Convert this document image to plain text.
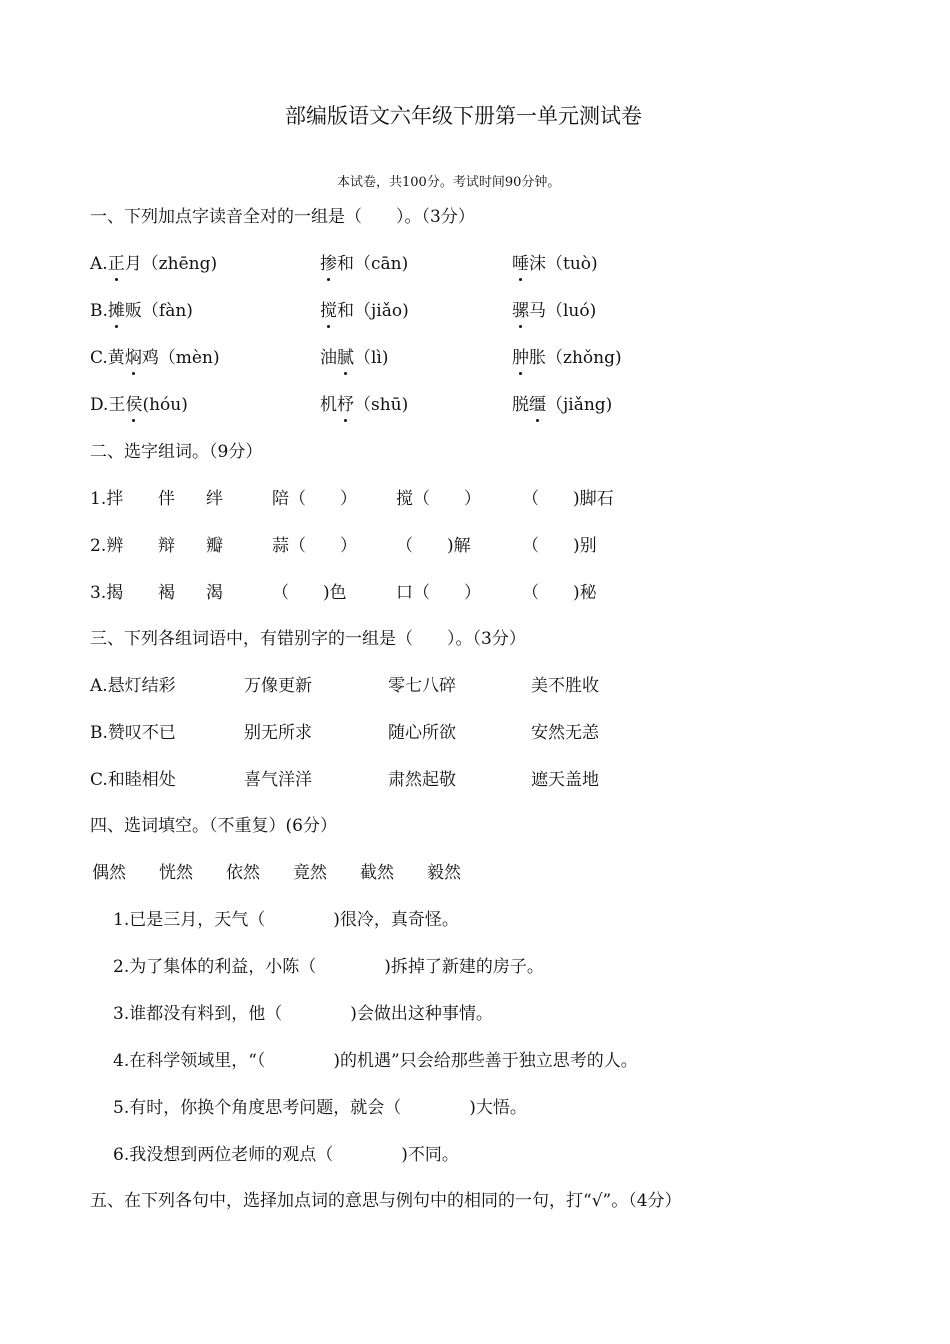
部编版语文六年级下册第一单元测试卷
本试卷，共100分。考试时间90分钟。
一、下列加点字读音全对的一组是（　　）。（3分）
A.正月（zhēng)	掺和（cān)	唾沫（tuò)
B.摊贩（fàn)	搅和（jiǎo)	骡马（luó)
C.黄焖鸡（mèn)	油腻（lì)	肿胀（zhǒng)
D.王侯(hóu)	机杼（shū)	脱缰（jiǎng)
二、选字组词。（9分）
1.拌 伴 绊	陪（　　） 搅（　　） （　　)脚石
2.辨 辩 瓣	蒜（　　） （　　)解	（　　)别
3.揭 褐 渴	（　　)色	口（　　） （　　)秘
三、下列各组词语中，有错别字的一组是（　　）。（3分）
A.悬灯结彩	万像更新	零七八碎	美不胜收
B.赞叹不已	别无所求	随心所欲	安然无恙
C.和睦相处	喜气洋洋	肃然起敬	遮天盖地
四、选词填空。（不重复）(6分）
偶然 恍然 依然 竟然 截然 毅然
1.已是三月，天气（　　　　)很冷，真奇怪。
2.为了集体的利益，小陈（　　　　)拆掉了新建的房子。
3.谁都没有料到，他（　　　　)会做出这种事情。
4.在科学领域里，“（　　　　)的机遇”只会给那些善于独立思考的人。
5.有时，你换个角度思考问题，就会（　　　　)大悟。
6.我没想到两位老师的观点（　　　　)不同。
五、在下列各句中，选择加点词的意思与例句中的相同的一句，打“√”。（4分）
